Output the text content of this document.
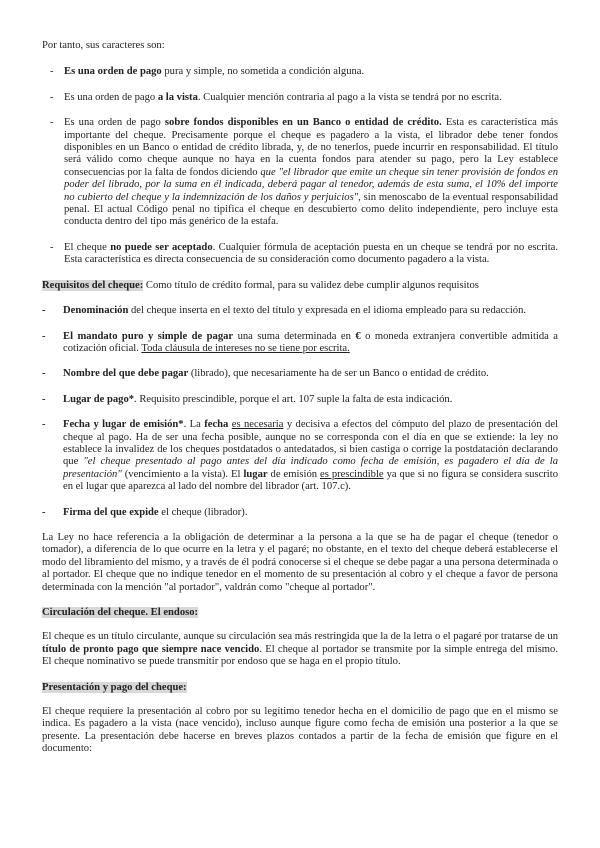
Por tanto, sus caracteres son:

- Es una orden de pago pura y simple, no sometida a condición alguna.
- Es una orden de pago a la vista. Cualquier mención contraria al pago a la vista se tendrá por no escrita.
- Es una orden de pago sobre fondos disponibles en un Banco o entidad de crédito. Esta es característica más importante del cheque. Precisamente porque el cheque es pagadero a la vista, el librador debe tener fondos disponibles en un Banco o entidad de crédito librada, y, de no tenerlos, puede incurrir en responsabilidad. El título será válido como cheque aunque no haya en la cuenta fondos para atender su pago, pero la Ley establece consecuencias por la falta de fondos diciendo que "el librador que emite un cheque sin tener provisión de fondos en poder del librado, por la suma en él indicada, deberá pagar al tenedor, además de esta suma, el 10% del importe no cubierto del cheque y la indemnización de los daños y perjuicios", sin menoscabo de la eventual responsabilidad penal. El actual Código penal no tipifica el cheque en descubierto como delito independiente, pero incluye esta conducta dentro del tipo más genérico de la estafa.
- El cheque no puede ser aceptado. Cualquier fórmula de aceptación puesta en un cheque se tendrá por no escrita. Esta característica es directa consecuencia de su consideración como documento pagadero a la vista.

Requisitos del cheque: Como título de crédito formal, para su validez debe cumplir algunos requisitos

-	Denominación del cheque inserta en el texto del título y expresada en el idioma empleado para su redacción.
-	El mandato puro y simple de pagar una suma determinada en € o moneda extranjera convertible admitida a cotización oficial. Toda cláusula de intereses no se tiene por escrita.
-	Nombre del que debe pagar (librado), que necesariamente ha de ser un Banco o entidad de crédito.
-	Lugar de pago*. Requisito prescindible, porque el art. 107 suple la falta de esta indicación.
-	Fecha y lugar de emisión*. La fecha es necesaria y decisiva a efectos del cómputo del plazo de presentación del cheque al pago. Ha de ser una fecha posible, aunque no se corresponda con el día en que se extiende: la ley no establece la invalidez de los cheques postdatados o antedatados, si bien castiga o corrige la postdatación declarando que "el cheque presentado al pago antes del día indicado como fecha de emisión, es pagadero el día de la presentación" (vencimiento a la vista). El lugar de emisión es prescindible ya que si no figura se considera suscrito en el lugar que aparezca al lado del nombre del librador (art. 107.c).
-	Firma del que expide el cheque (librador).

La Ley no hace referencia a la obligación de determinar a la persona a la que se ha de pagar el cheque (tenedor o tomador), a diferencia de lo que ocurre en la letra y el pagaré; no obstante, en el texto del cheque deberá establecerse el modo del libramiento del mismo, y a través de él podrá conocerse si el cheque se debe pagar a una persona determinada o al portador. El cheque que no indique tenedor en el momento de su presentación al cobro y el cheque a favor de persona determinada con la mención "al portador", valdrán como "cheque al portador".

Circulación del cheque. El endoso:

El cheque es un título circulante, aunque su circulación sea más restringida que la de la letra o el pagaré por tratarse de un título de pronto pago que siempre nace vencido. El cheque al portador se transmite por la simple entrega del mismo. El cheque nominativo se puede transmitir por endoso que se haga en el propio título.

Presentación y pago del cheque:

El cheque requiere la presentación al cobro por su legítimo tenedor hecha en el domicilio de pago que en el mismo se indica. Es pagadero a la vista (nace vencido), incluso aunque figure como fecha de emisión una posterior a la que se presente. La presentación debe hacerse en breves plazos contados a partir de la fecha de emisión que figure en el documento:
